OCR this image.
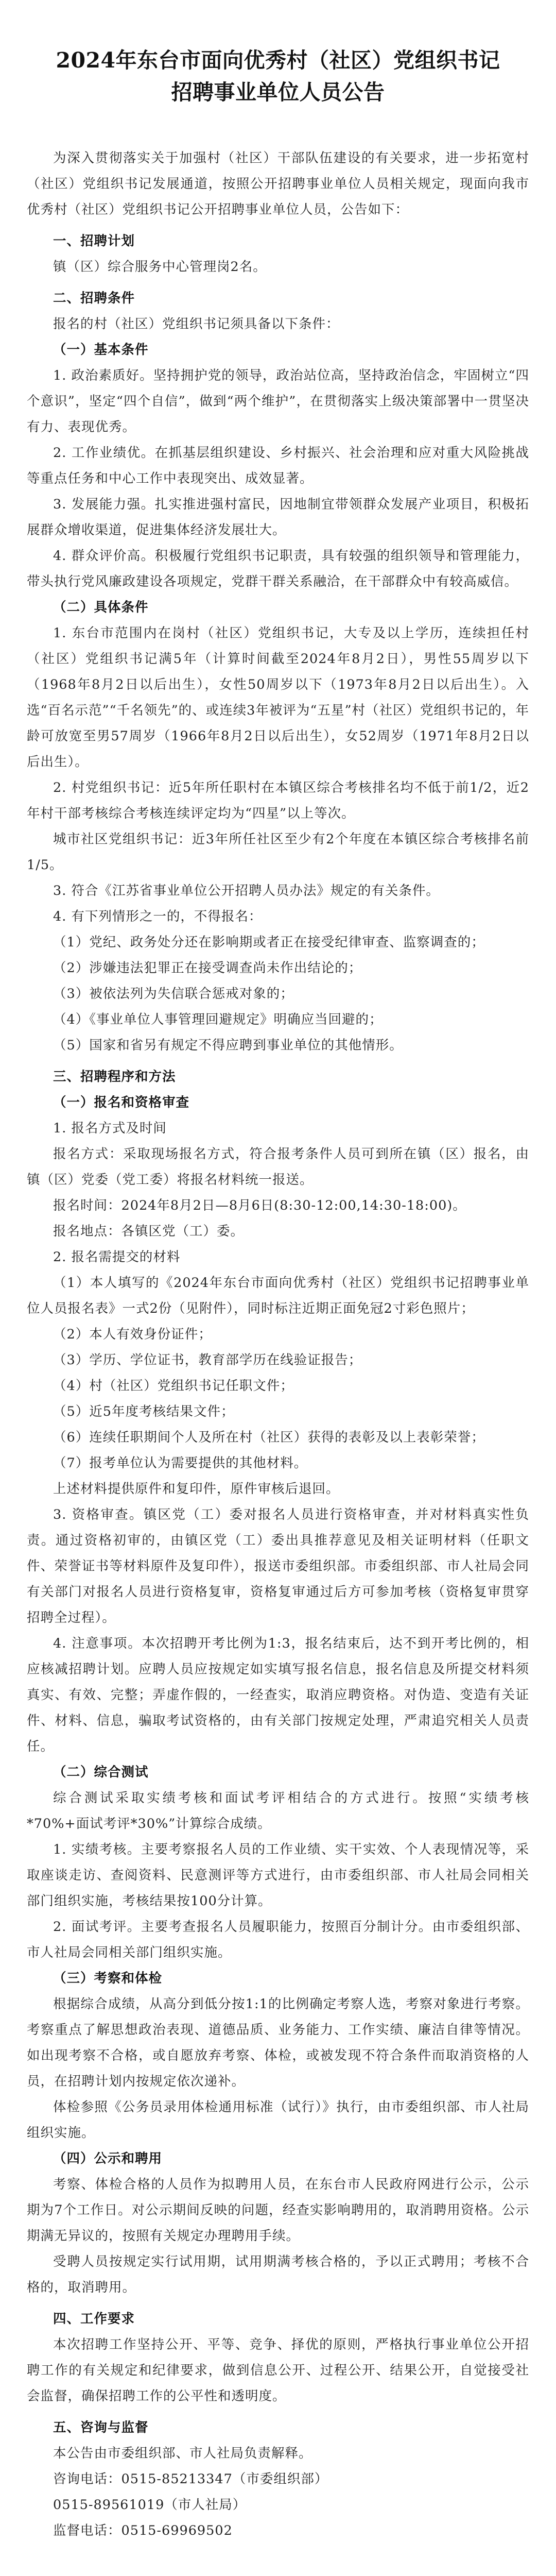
2024年东台市面向优秀村（社区）党组织书记
招聘事业单位人员公告

为深入贯彻落实关于加强村（社区）干部队伍建设的有关要求，进一步拓宽村（社区）党组织书记发展通道，按照公开招聘事业单位人员相关规定，现面向我市优秀村（社区）党组织书记公开招聘事业单位人员，公告如下：

一、招聘计划

镇（区）综合服务中心管理岗2名。

二、招聘条件

报名的村（社区）党组织书记须具备以下条件：

（一）基本条件

1. 政治素质好。坚持拥护党的领导，政治站位高，坚持政治信念，牢固树立“四个意识”，坚定“四个自信”，做到“两个维护”，在贯彻落实上级决策部署中一贯坚决有力、表现优秀。

2. 工作业绩优。在抓基层组织建设、乡村振兴、社会治理和应对重大风险挑战等重点任务和中心工作中表现突出、成效显著。

3. 发展能力强。扎实推进强村富民，因地制宜带领群众发展产业项目，积极拓展群众增收渠道，促进集体经济发展壮大。

4. 群众评价高。积极履行党组织书记职责，具有较强的组织领导和管理能力，带头执行党风廉政建设各项规定，党群干群关系融洽，在干部群众中有较高威信。

（二）具体条件

1. 东台市范围内在岗村（社区）党组织书记，大专及以上学历，连续担任村（社区）党组织书记满5年（计算时间截至2024年8月2日），男性55周岁以下（1968年8月2日以后出生），女性50周岁以下（1973年8月2日以后出生）。入选“百名示范”“千名领先”的、或连续3年被评为“五星”村（社区）党组织书记的，年龄可放宽至男57周岁（1966年8月2日以后出生），女52周岁（1971年8月2日以后出生）。

2. 村党组织书记：近5年所任职村在本镇区综合考核排名均不低于前1/2，近2年村干部考核综合考核连续评定均为“四星”以上等次。

城市社区党组织书记：近3年所任社区至少有2个年度在本镇区综合考核排名前1/5。

3. 符合《江苏省事业单位公开招聘人员办法》规定的有关条件。

4. 有下列情形之一的，不得报名：

（1）党纪、政务处分还在影响期或者正在接受纪律审查、监察调查的；

（2）涉嫌违法犯罪正在接受调查尚未作出结论的；

（3）被依法列为失信联合惩戒对象的；

（4）《事业单位人事管理回避规定》明确应当回避的；

（5）国家和省另有规定不得应聘到事业单位的其他情形。

三、招聘程序和方法

（一）报名和资格审查

1. 报名方式及时间

报名方式：采取现场报名方式，符合报考条件人员可到所在镇（区）报名，由镇（区）党委（党工委）将报名材料统一报送。

报名时间：2024年8月2日—8月6日(8:30-12:00,14:30-18:00)。

报名地点：各镇区党（工）委。

2. 报名需提交的材料

（1）本人填写的《2024年东台市面向优秀村（社区）党组织书记招聘事业单位人员报名表》一式2份（见附件），同时标注近期正面免冠2寸彩色照片；

（2）本人有效身份证件；

（3）学历、学位证书，教育部学历在线验证报告；

（4）村（社区）党组织书记任职文件；

（5）近5年度考核结果文件；

（6）连续任职期间个人及所在村（社区）获得的表彰及以上表彰荣誉；

（7）报考单位认为需要提供的其他材料。

上述材料提供原件和复印件，原件审核后退回。

3. 资格审查。镇区党（工）委对报名人员进行资格审查，并对材料真实性负责。通过资格初审的，由镇区党（工）委出具推荐意见及相关证明材料（任职文件、荣誉证书等材料原件及复印件），报送市委组织部。市委组织部、市人社局会同有关部门对报名人员进行资格复审，资格复审通过后方可参加考核（资格复审贯穿招聘全过程）。

4. 注意事项。本次招聘开考比例为1:3，报名结束后，达不到开考比例的，相应核减招聘计划。应聘人员应按规定如实填写报名信息，报名信息及所提交材料须真实、有效、完整；弄虚作假的，一经查实，取消应聘资格。对伪造、变造有关证件、材料、信息，骗取考试资格的，由有关部门按规定处理，严肃追究相关人员责任。

（二）综合测试

综合测试采取实绩考核和面试考评相结合的方式进行。按照“实绩考核*70%+面试考评*30%”计算综合成绩。

1. 实绩考核。主要考察报名人员的工作业绩、实干实效、个人表现情况等，采取座谈走访、查阅资料、民意测评等方式进行，由市委组织部、市人社局会同相关部门组织实施，考核结果按100分计算。

2. 面试考评。主要考查报名人员履职能力，按照百分制计分。由市委组织部、市人社局会同相关部门组织实施。

（三）考察和体检

根据综合成绩，从高分到低分按1:1的比例确定考察人选，考察对象进行考察。考察重点了解思想政治表现、道德品质、业务能力、工作实绩、廉洁自律等情况。如出现考察不合格，或自愿放弃考察、体检，或被发现不符合条件而取消资格的人员，在招聘计划内按规定依次递补。

体检参照《公务员录用体检通用标准（试行）》执行，由市委组织部、市人社局组织实施。

（四）公示和聘用

考察、体检合格的人员作为拟聘用人员，在东台市人民政府网进行公示，公示期为7个工作日。对公示期间反映的问题，经查实影响聘用的，取消聘用资格。公示期满无异议的，按照有关规定办理聘用手续。

受聘人员按规定实行试用期，试用期满考核合格的，予以正式聘用；考核不合格的，取消聘用。

四、工作要求

本次招聘工作坚持公开、平等、竞争、择优的原则，严格执行事业单位公开招聘工作的有关规定和纪律要求，做到信息公开、过程公开、结果公开，自觉接受社会监督，确保招聘工作的公平性和透明度。

五、咨询与监督

本公告由市委组织部、市人社局负责解释。

咨询电话：0515-85213347（市委组织部）

0515-89561019（市人社局）

监督电话：0515-69969502
